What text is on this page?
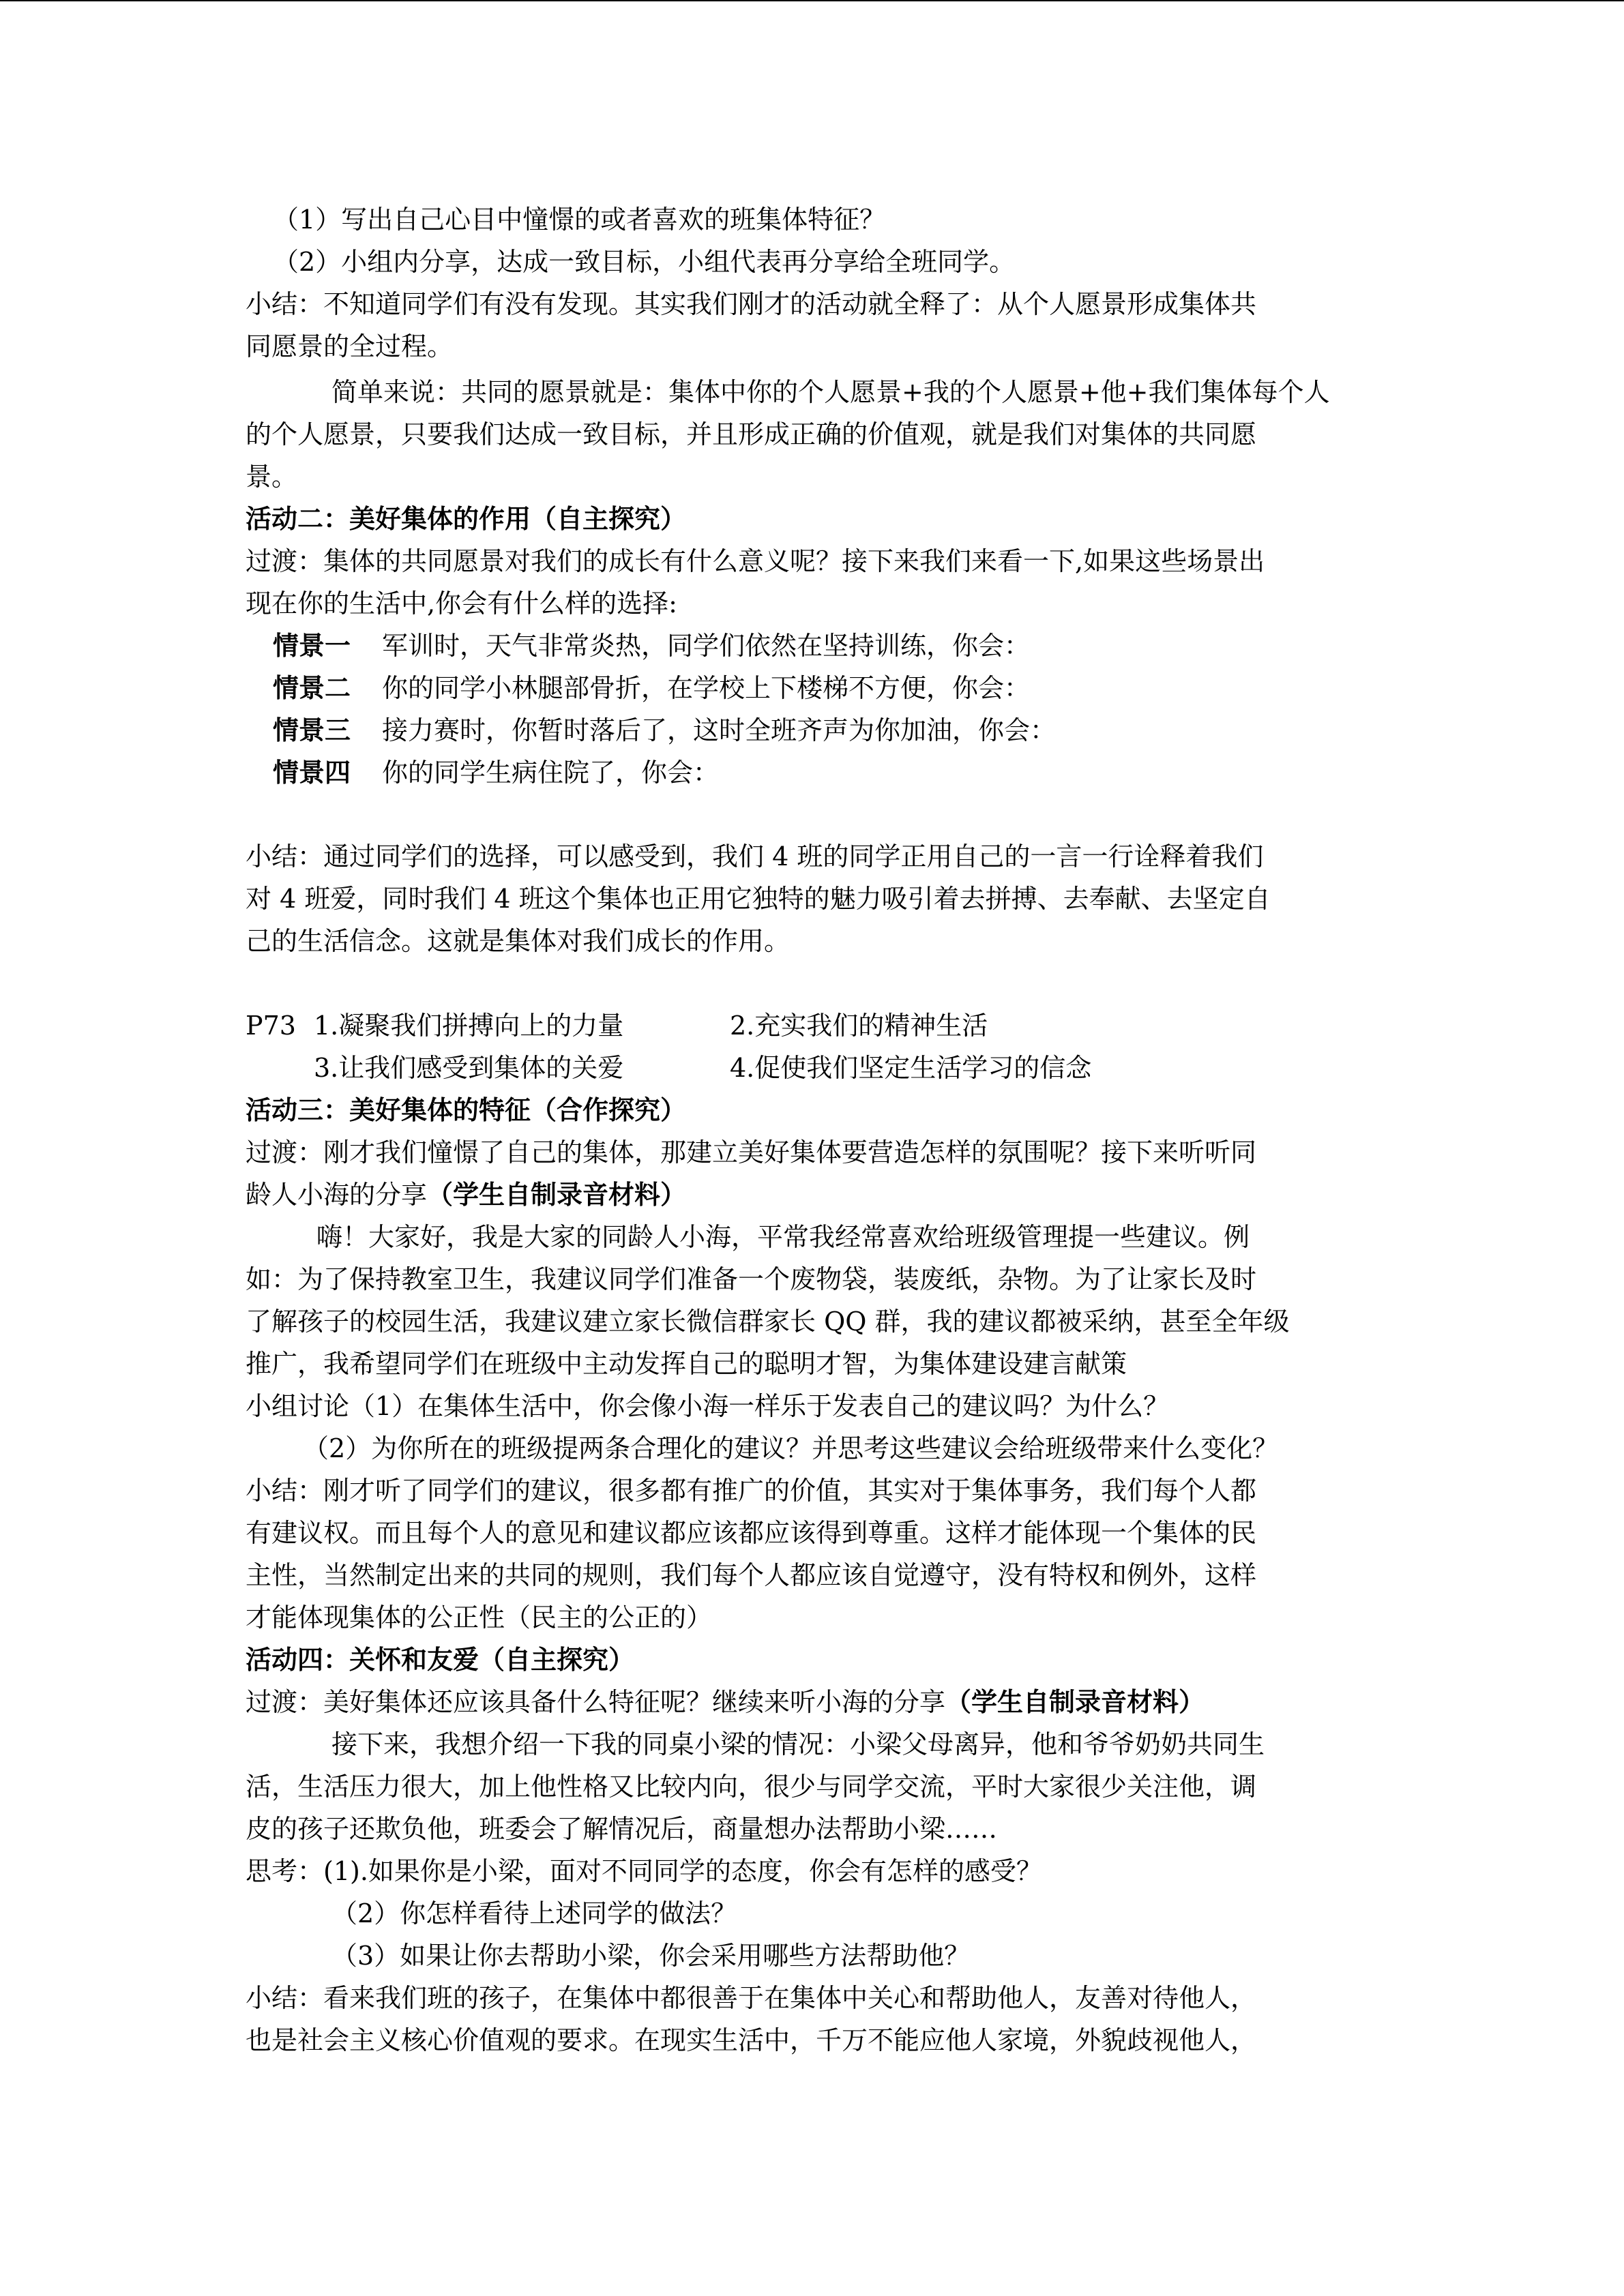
（1）写出自己心目中憧憬的或者喜欢的班集体特征？
（2）小组内分享，达成一致目标，小组代表再分享给全班同学。
小结：不知道同学们有没有发现。其实我们刚才的活动就全释了：从个人愿景形成集体共
同愿景的全过程。
简单来说：共同的愿景就是：集体中你的个人愿景+我的个人愿景+他+我们集体每个人
的个人愿景，只要我们达成一致目标，并且形成正确的价值观，就是我们对集体的共同愿
景。
活动二：美好集体的作用（自主探究）
过渡：集体的共同愿景对我们的成长有什么意义呢？接下来我们来看一下,如果这些场景出
现在你的生活中,你会有什么样的选择:
情景一 军训时，天气非常炎热，同学们依然在坚持训练，你会：
情景二 你的同学小林腿部骨折，在学校上下楼梯不方便，你会：
情景三 接力赛时，你暂时落后了，这时全班齐声为你加油，你会：
情景四 你的同学生病住院了，你会：
小结：通过同学们的选择，可以感受到，我们 4 班的同学正用自己的一言一行诠释着我们
对 4 班爱，同时我们 4 班这个集体也正用它独特的魅力吸引着去拼搏、去奉献、去坚定自
己的生活信念。这就是集体对我们成长的作用。
P73 1.凝聚我们拼搏向上的力量	2.充实我们的精神生活
3.让我们感受到集体的关爱	4.促使我们坚定生活学习的信念
活动三：美好集体的特征（合作探究）
过渡：刚才我们憧憬了自己的集体，那建立美好集体要营造怎样的氛围呢？接下来听听同
龄人小海的分享（学生自制录音材料）
嗨！大家好，我是大家的同龄人小海，平常我经常喜欢给班级管理提一些建议。例
如：为了保持教室卫生，我建议同学们准备一个废物袋，装废纸，杂物。为了让家长及时
了解孩子的校园生活，我建议建立家长微信群家长 QQ 群，我的建议都被采纳，甚至全年级
推广，我希望同学们在班级中主动发挥自己的聪明才智，为集体建设建言献策
小组讨论（1）在集体生活中，你会像小海一样乐于发表自己的建议吗？为什么？
（2）为你所在的班级提两条合理化的建议？并思考这些建议会给班级带来什么变化？
小结：刚才听了同学们的建议，很多都有推广的价值，其实对于集体事务，我们每个人都
有建议权。而且每个人的意见和建议都应该都应该得到尊重。这样才能体现一个集体的民
主性，当然制定出来的共同的规则，我们每个人都应该自觉遵守，没有特权和例外，这样
才能体现集体的公正性（民主的公正的）
活动四：关怀和友爱（自主探究）
过渡：美好集体还应该具备什么特征呢？继续来听小海的分享（学生自制录音材料）
接下来，我想介绍一下我的同桌小梁的情况：小梁父母离异，他和爷爷奶奶共同生
活，生活压力很大，加上他性格又比较内向，很少与同学交流，平时大家很少关注他，调
皮的孩子还欺负他，班委会了解情况后，商量想办法帮助小梁……
思考：(1).如果你是小梁，面对不同同学的态度，你会有怎样的感受？
（2）你怎样看待上述同学的做法？
（3）如果让你去帮助小梁，你会采用哪些方法帮助他？
小结：看来我们班的孩子，在集体中都很善于在集体中关心和帮助他人，友善对待他人，
也是社会主义核心价值观的要求。在现实生活中，千万不能应他人家境，外貌歧视他人，
